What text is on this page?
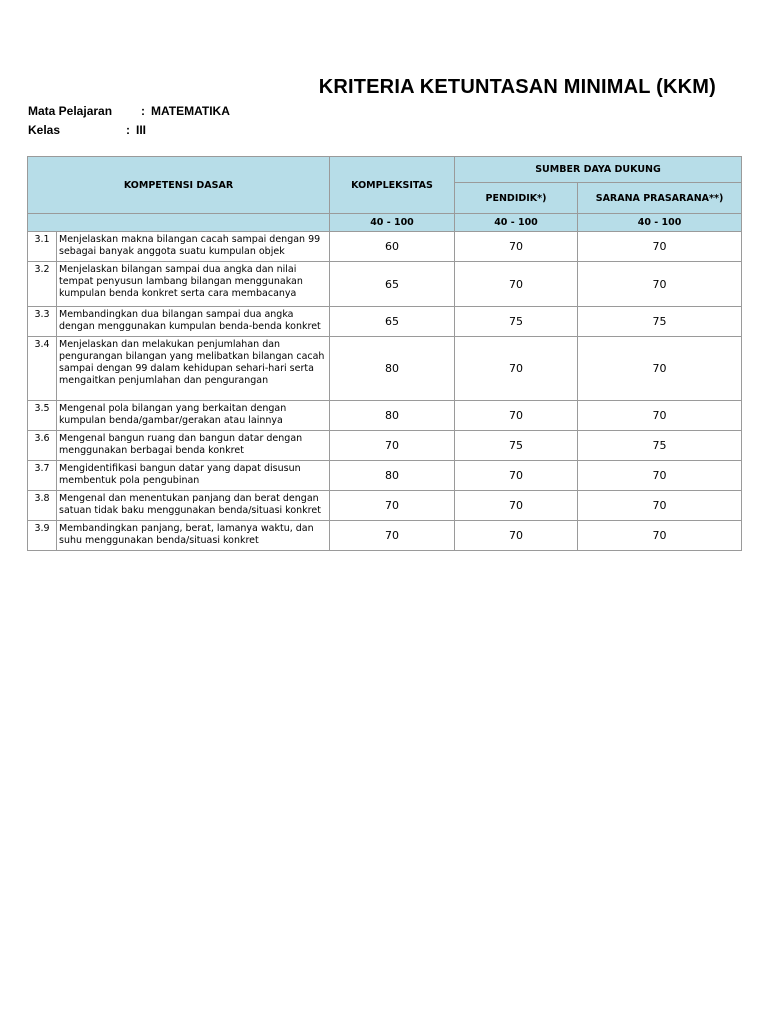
KRITERIA KETUNTASAN MINIMAL (KKM)
Mata Pelajaran : MATEMATIKA
Kelas	: III
KOMPETENSI DASAR		KOMPLEKSITAS	SUMBER DAYA DUKUNG	
			PENDIDIK*)	SARANA PRASARANA**)
		40 - 100	40 - 100	40 - 100
3.1	Menjelaskan makna bilangan cacah sampai dengan 99 sebagai banyak anggota suatu kumpulan objek	60	70	70
3.2	Menjelaskan bilangan sampai dua angka dan nilai tempat penyusun lambang bilangan menggunakan kumpulan benda konkret serta cara membacanya	65	70	70
3.3	Membandingkan dua bilangan sampai dua angka dengan menggunakan kumpulan benda-benda konkret	65	75	75
3.4	Menjelaskan dan melakukan penjumlahan dan pengurangan bilangan yang melibatkan bilangan cacah sampai dengan 99 dalam kehidupan sehari-hari serta mengaitkan penjumlahan dan pengurangan	80	70	70
3.5	Mengenal pola bilangan yang berkaitan dengan kumpulan benda/gambar/gerakan atau lainnya	80	70	70
3.6	Mengenal bangun ruang dan bangun datar dengan menggunakan berbagai benda konkret	70	75	75
3.7	Mengidentifikasi bangun datar yang dapat disusun membentuk pola pengubinan	80	70	70
3.8	Mengenal dan menentukan panjang dan berat dengan satuan tidak baku menggunakan benda/situasi konkret	70	70	70
3.9	Membandingkan panjang, berat, lamanya waktu, dan suhu menggunakan benda/situasi konkret	70	70	70
